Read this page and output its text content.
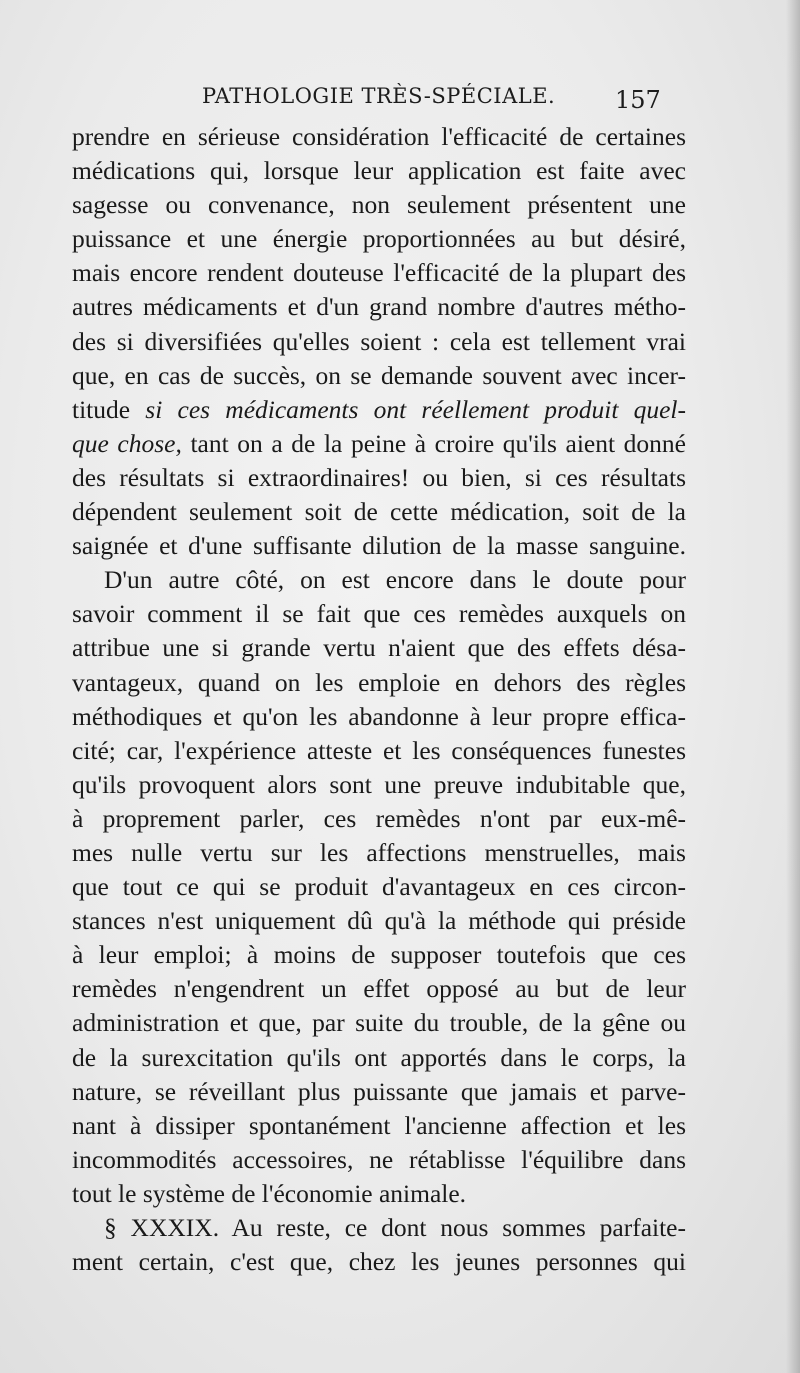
PATHOLOGIE TRÈS-SPÉCIALE. 157
prendre en sérieuse considération l'efficacité de certaines
médications qui, lorsque leur application est faite avec
sagesse ou convenance, non seulement présentent une
puissance et une énergie proportionnées au but désiré,
mais encore rendent douteuse l'efficacité de la plupart des
autres médicaments et d'un grand nombre d'autres métho-
des si diversifiées qu'elles soient : cela est tellement vrai
que, en cas de succès, on se demande souvent avec incer-
titude si ces médicaments ont réellement produit quel-
que chose, tant on a de la peine à croire qu'ils aient donné
des résultats si extraordinaires! ou bien, si ces résultats
dépendent seulement soit de cette médication, soit de la
saignée et d'une suffisante dilution de la masse sanguine.
D'un autre côté, on est encore dans le doute pour
savoir comment il se fait que ces remèdes auxquels on
attribue une si grande vertu n'aient que des effets désa-
vantageux, quand on les emploie en dehors des règles
méthodiques et qu'on les abandonne à leur propre effica-
cité; car, l'expérience atteste et les conséquences funestes
qu'ils provoquent alors sont une preuve indubitable que,
à proprement parler, ces remèdes n'ont par eux-mê-
mes nulle vertu sur les affections menstruelles, mais
que tout ce qui se produit d'avantageux en ces circon-
stances n'est uniquement dû qu'à la méthode qui préside
à leur emploi; à moins de supposer toutefois que ces
remèdes n'engendrent un effet opposé au but de leur
administration et que, par suite du trouble, de la gêne ou
de la surexcitation qu'ils ont apportés dans le corps, la
nature, se réveillant plus puissante que jamais et parve-
nant à dissiper spontanément l'ancienne affection et les
incommodités accessoires, ne rétablisse l'équilibre dans
tout le système de l'économie animale.
§ XXXIX. Au reste, ce dont nous sommes parfaite-
ment certain, c'est que, chez les jeunes personnes qui
